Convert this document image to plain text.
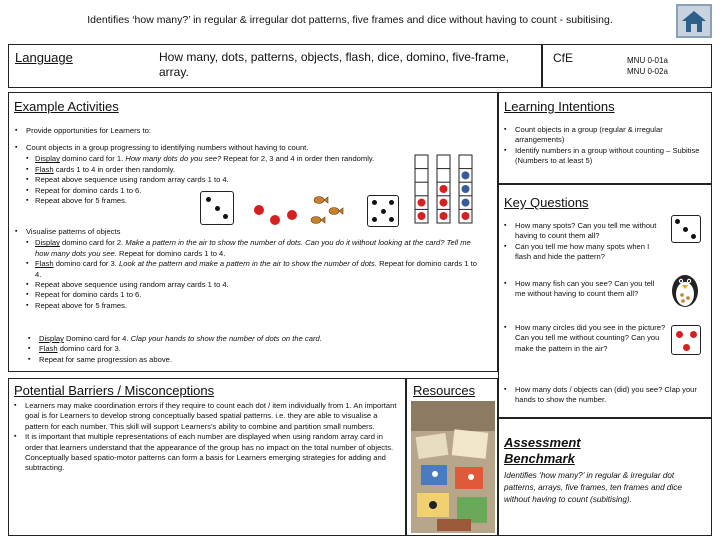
Identifies ‘how many?’ in regular & irregular dot patterns, five frames and dice without having to count - subitising.
Language	How many, dots, patterns, objects, flash, dice, domino, five-frame, array.
CfE	MNU 0-01a
MNU 0-02a
Example Activities
▪ Provide opportunities for Learners to:
▪ Count objects in a group progressing to identifying numbers without having to count.
▪ Display domino card for 1. How many dots do you see? Repeat for 2, 3 and 4 in order then randomly.
▪ Flash cards 1 to 4 in order then randomly.
▪ Repeat above sequence using random array cards 1 to 4.
▪ Repeat for domino cards 1 to 6.
▪ Repeat above for 5 frames.
▪ Visualise patterns of objects
▪ Display domino card for 2. Make a pattern in the air to show the number of dots. Can you do it without looking at the card? Tell me how many dots you see. Repeat for domino cards 1 to 4.
▪ Flash domino card for 3. Look at the pattern and make a pattern in the air to show the number of dots. Repeat for domino cards 1 to 4.
▪ Repeat above sequence using random array cards 1 to 4.
▪ Repeat for domino cards 1 to 6.
▪ Repeat above for 5 frames.
▪ Display Domino card for 4. Clap your hands to show the number of dots on the card.
▪ Flash domino card for 3.
▪ Repeat for same progression as above.
Learning Intentions
▪ Count objects in a group (regular & irregular arrangements)
▪ Identify numbers in a group without counting – Subitise (Numbers to at least 5)
Key Questions
▪ How many spots? Can you tell me without having to count them all?
▪ Can you tell me how many spots when I flash and hide the pattern?
▪ How many fish can you see? Can you tell me without having to count them all?
▪ How many circles did you see in the picture? Can you tell me without counting? Can you make the pattern in the air?
▪ How many dots / objects can (did) you see? Clap your hands to show the number.
Potential Barriers / Misconceptions
▪ Learners may make coordination errors if they require to count each dot / item individually from 1. An important goal is for Learners to develop strong conceptually based spatial patterns. i.e. they are able to visualise a pattern for each number. This skill will support Learners’s ability to combine and partition small numbers.
▪ It is important that multiple representations of each number are displayed when using random array card in order that learners understand that the appearance of the group has no impact on the total number of objects. Conceptually based spatio-motor patterns can form a basis for Learners emerging strategies for adding and subtracting.
Resources
Assessment
Benchmark
Identifies ‘how many?’ in regular & irregular dot patterns, arrays, five frames, ten frames and dice without having to count (subitising).
